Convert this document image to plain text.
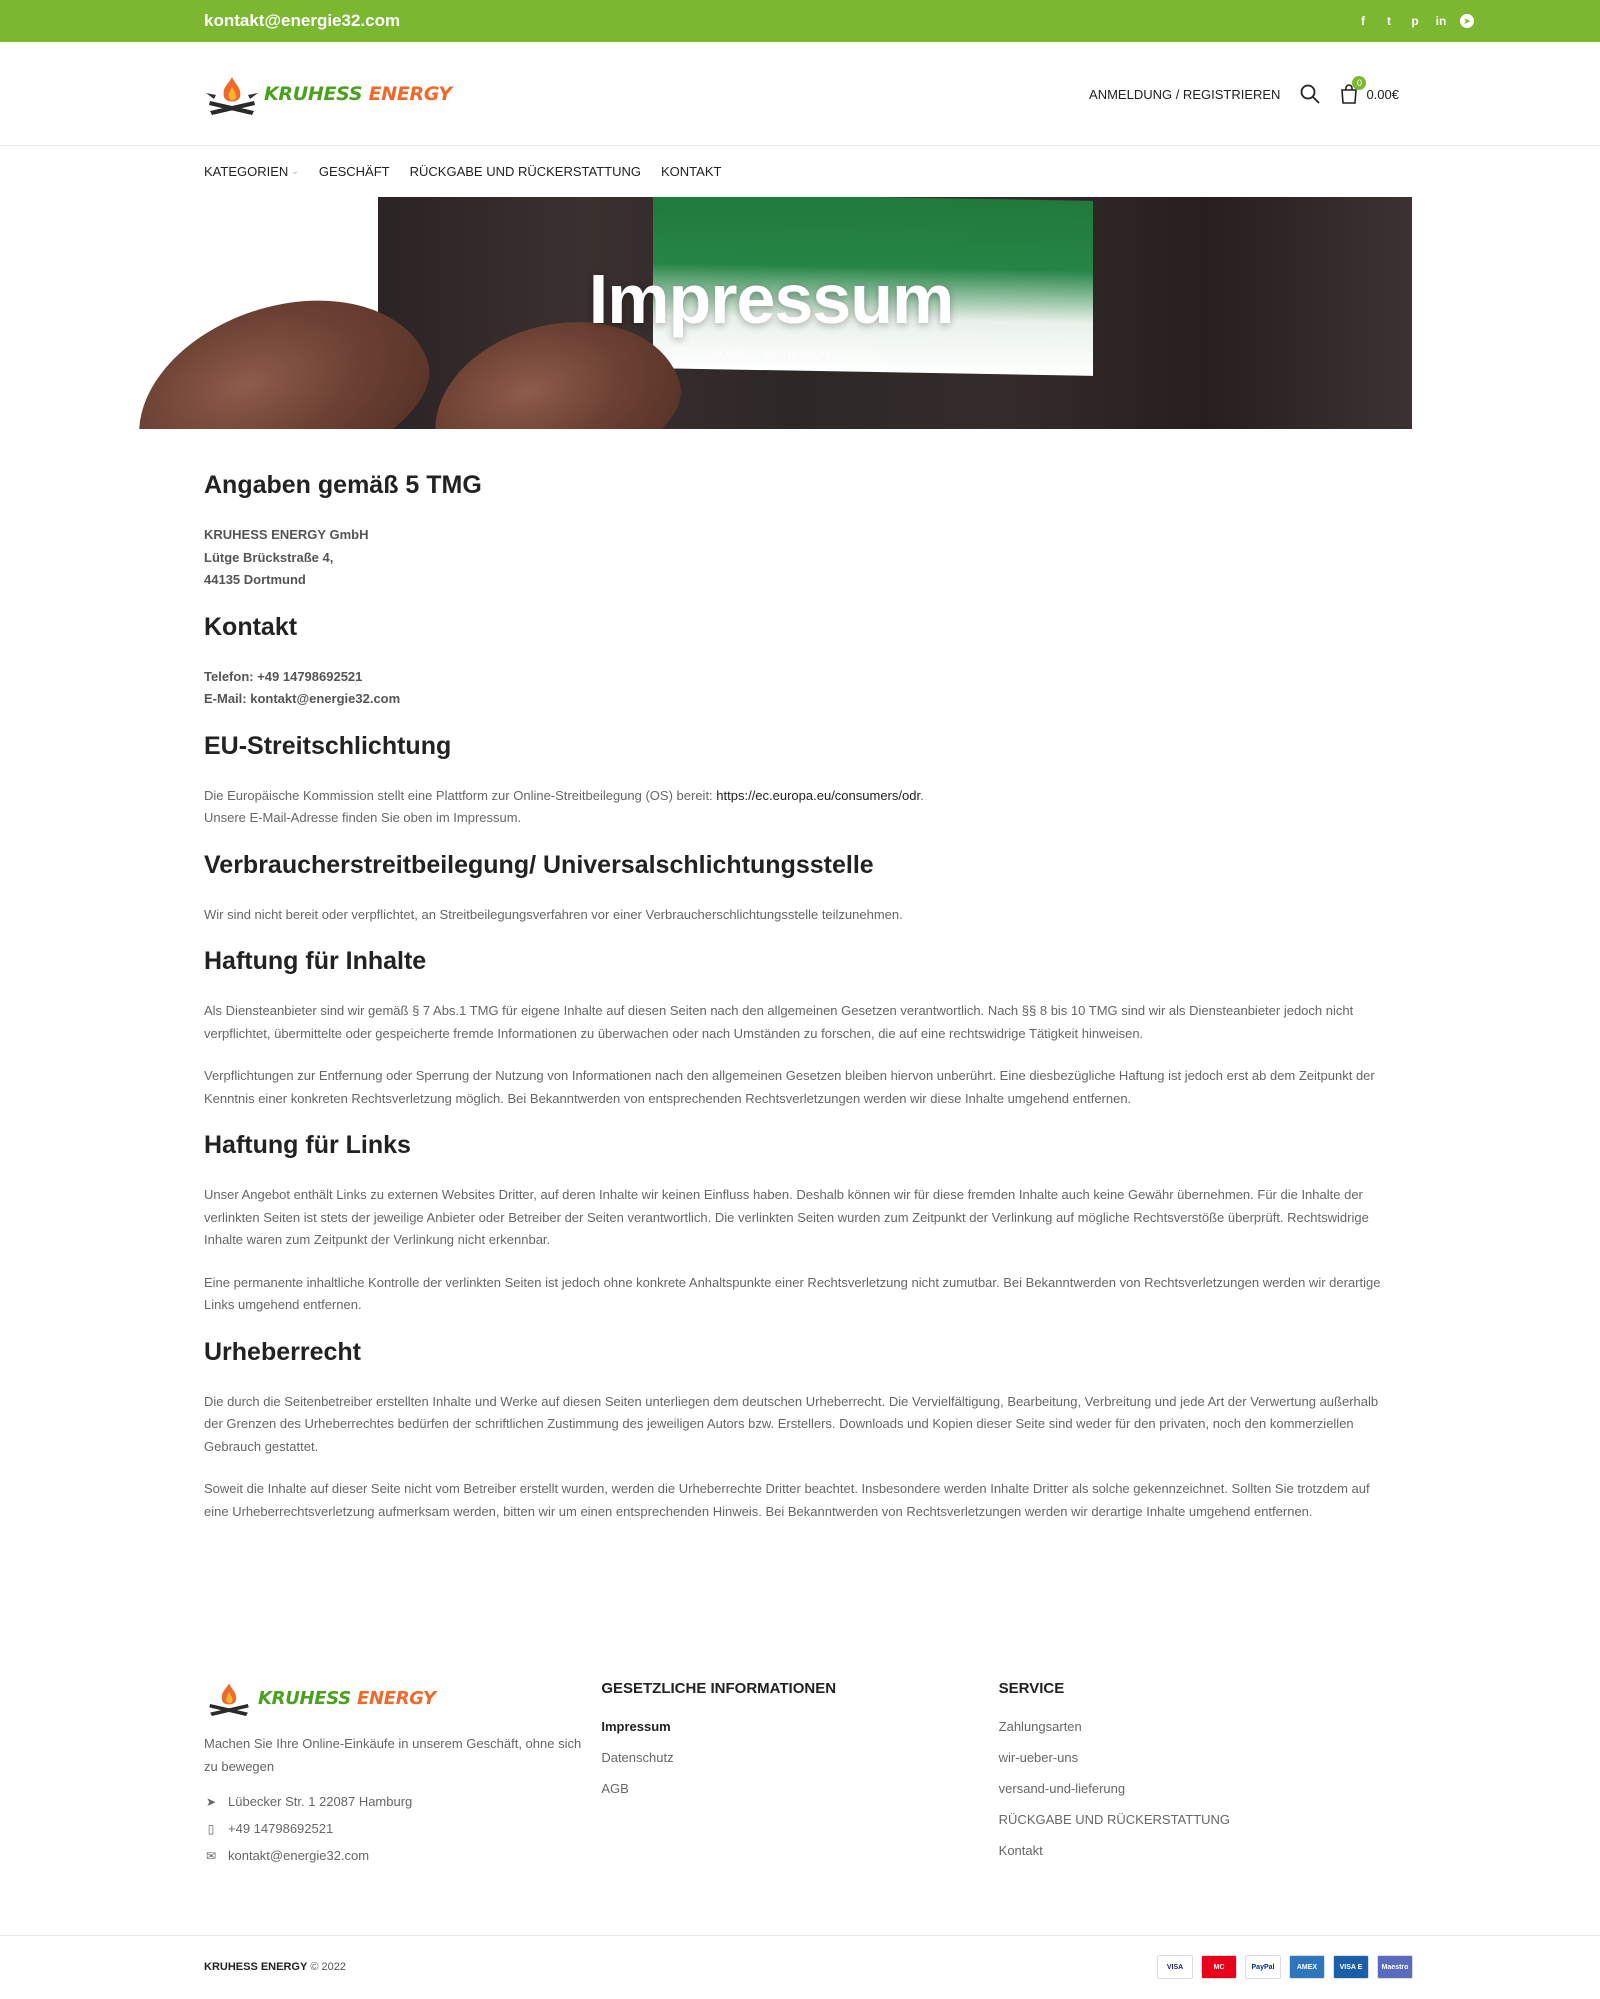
kontakt@energie32.com	f	t	p in	➤
KRUHESS ENERGY	ANMELDUNG / REGISTRIEREN
0
0.00€
KATEGORIEN ⌄ GESCHÄFT RÜCKGABE UND RÜCKERSTATTUNG KONTAKT
Impressum
HOME / IMPRESSUM
Angaben gemäß 5 TMG

KRUHESS ENERGY GmbH
Lütge Brückstraße 4,
44135 Dortmund

Kontakt

Telefon: +49 14798692521
E-Mail: kontakt@energie32.com

EU-Streitschlichtung

Die Europäische Kommission stellt eine Plattform zur Online-Streitbeilegung (OS) bereit: https://ec.europa.eu/consumers/odr.
Unsere E-Mail-Adresse finden Sie oben im Impressum.

Verbraucherstreitbeilegung/ Universalschlichtungsstelle

Wir sind nicht bereit oder verpflichtet, an Streitbeilegungsverfahren vor einer Verbraucherschlichtungsstelle teilzunehmen.

Haftung für Inhalte

Als Diensteanbieter sind wir gemäß § 7 Abs.1 TMG für eigene Inhalte auf diesen Seiten nach den allgemeinen Gesetzen verantwortlich. Nach §§ 8 bis 10 TMG sind wir als Diensteanbieter jedoch nicht verpflichtet, übermittelte oder gespeicherte fremde Informationen zu überwachen oder nach Umständen zu forschen, die auf eine rechtswidrige Tätigkeit hinweisen.

Verpflichtungen zur Entfernung oder Sperrung der Nutzung von Informationen nach den allgemeinen Gesetzen bleiben hiervon unberührt. Eine diesbezügliche Haftung ist jedoch erst ab dem Zeitpunkt der Kenntnis einer konkreten Rechtsverletzung möglich. Bei Bekanntwerden von entsprechenden Rechtsverletzungen werden wir diese Inhalte umgehend entfernen.

Haftung für Links

Unser Angebot enthält Links zu externen Websites Dritter, auf deren Inhalte wir keinen Einfluss haben. Deshalb können wir für diese fremden Inhalte auch keine Gewähr übernehmen. Für die Inhalte der verlinkten Seiten ist stets der jeweilige Anbieter oder Betreiber der Seiten verantwortlich. Die verlinkten Seiten wurden zum Zeitpunkt der Verlinkung auf mögliche Rechtsverstöße überprüft. Rechtswidrige Inhalte waren zum Zeitpunkt der Verlinkung nicht erkennbar.

Eine permanente inhaltliche Kontrolle der verlinkten Seiten ist jedoch ohne konkrete Anhaltspunkte einer Rechtsverletzung nicht zumutbar. Bei Bekanntwerden von Rechtsverletzungen werden wir derartige Links umgehend entfernen.

Urheberrecht

Die durch die Seitenbetreiber erstellten Inhalte und Werke auf diesen Seiten unterliegen dem deutschen Urheberrecht. Die Vervielfältigung, Bearbeitung, Verbreitung und jede Art der Verwertung außerhalb der Grenzen des Urheberrechtes bedürfen der schriftlichen Zustimmung des jeweiligen Autors bzw. Erstellers. Downloads und Kopien dieser Seite sind weder für den privaten, noch den kommerziellen Gebrauch gestattet.

Soweit die Inhalte auf dieser Seite nicht vom Betreiber erstellt wurden, werden die Urheberrechte Dritter beachtet. Insbesondere werden Inhalte Dritter als solche gekennzeichnet. Sollten Sie trotzdem auf eine Urheberrechtsverletzung aufmerksam werden, bitten wir um einen entsprechenden Hinweis. Bei Bekanntwerden von Rechtsverletzungen werden wir derartige Inhalte umgehend entfernen.

KRUHESS ENERGY
Machen Sie Ihre Online-Einkäufe in unserem Geschäft, ohne sich zu bewegen
➤ Lübecker Str. 1 22087 Hamburg
▯ +49 14798692521
✉ kontakt@energie32.com
GESETZLICHE INFORMATIONEN
Impressum
Datenschutz
AGB
SERVICE
Zahlungsarten
wir-ueber-uns
versand-und-lieferung
RÜCKGABE UND RÜCKERSTATTUNG
Kontakt
KRUHESS ENERGY © 2022	VISA	MC	PayPal	AMEX	VISA E	Maestro
